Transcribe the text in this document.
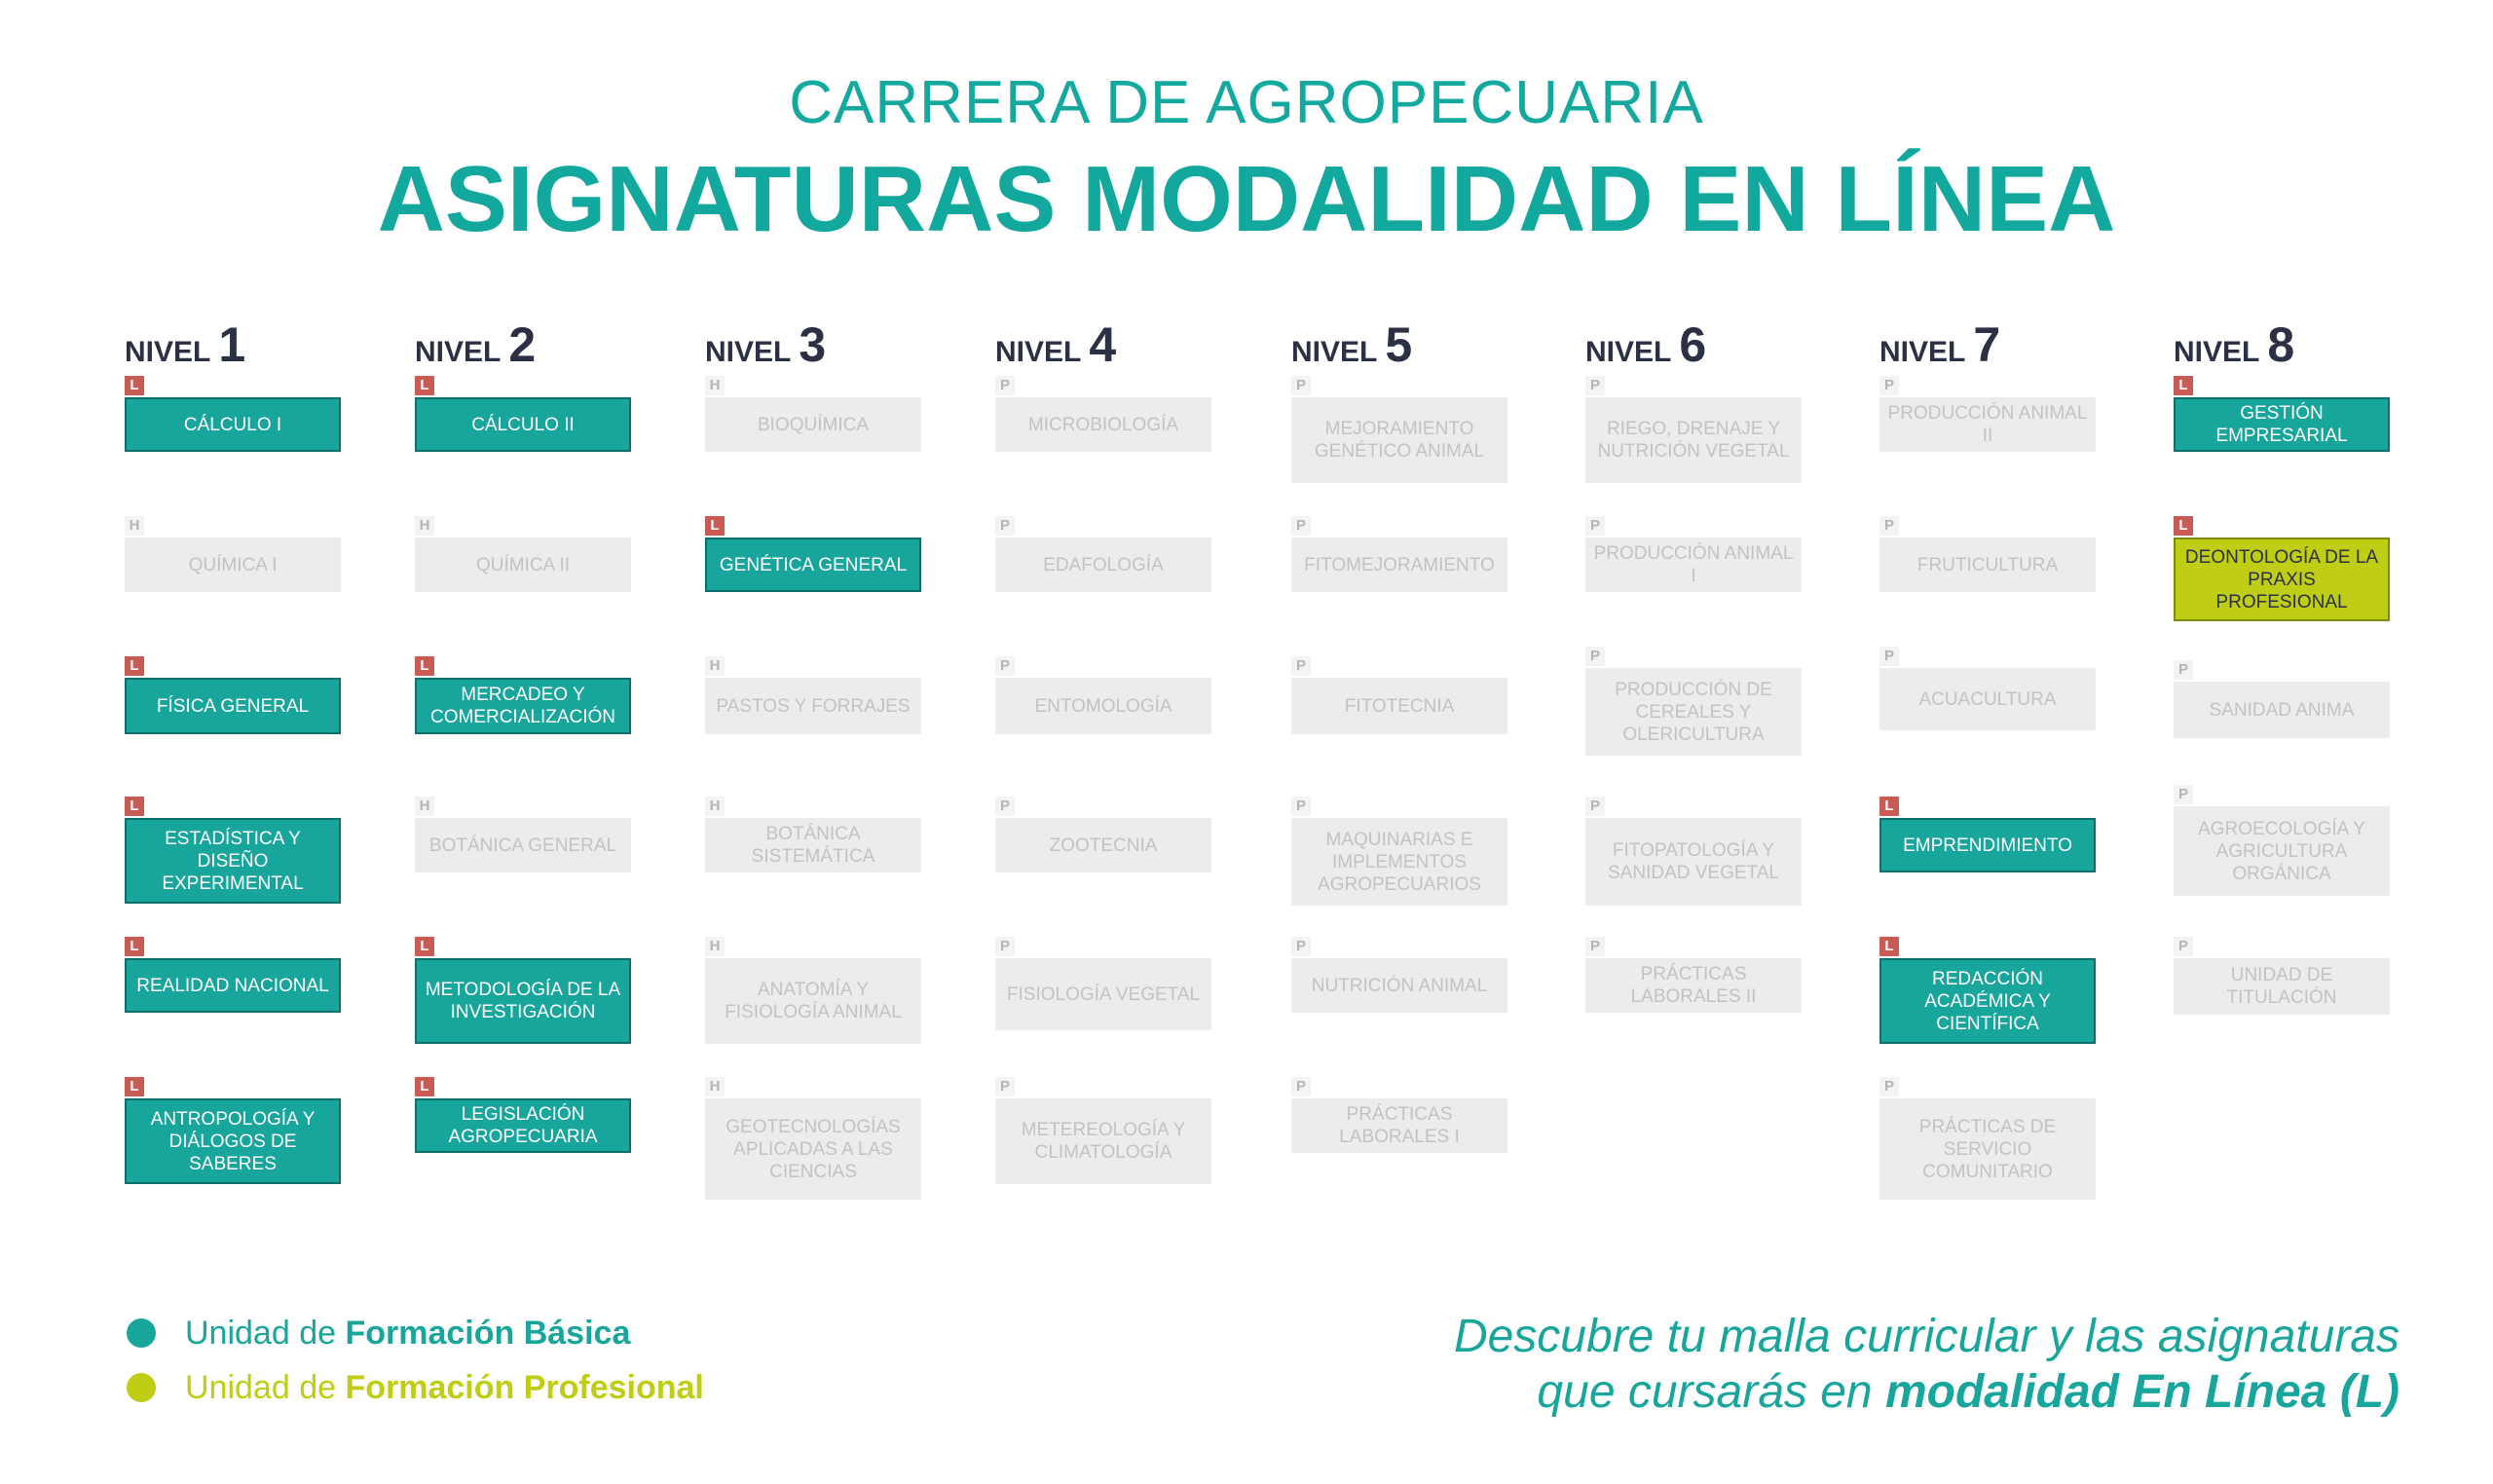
CARRERA DE AGROPECUARIA
ASIGNATURAS MODALIDAD EN LÍNEA
NIVEL 1
L
CÁLCULO I
H
QUÍMICA I
L
FÍSICA GENERAL
L
ESTADÍSTICA Y DISEÑO EXPERIMENTAL
L
REALIDAD NACIONAL
L
ANTROPOLOGÍA Y DIÁLOGOS DE SABERES
NIVEL 2
L
CÁLCULO II
H
QUÍMICA II
L
MERCADEO Y COMERCIALIZACIÓN
H
BOTÁNICA GENERAL
L
METODOLOGÍA DE LA INVESTIGACIÓN
L
LEGISLACIÓN AGROPECUARIA
NIVEL 3
H
BIOQUÍMICA
L
GENÉTICA GENERAL
H
PASTOS Y FORRAJES
H
BOTÁNICA SISTEMÁTICA
H
ANATOMÍA Y FISIOLOGÍA ANIMAL
H
GEOTECNOLOGÍAS APLICADAS A LAS CIENCIAS
NIVEL 4
P
MICROBIOLOGÍA
P
EDAFOLOGÍA
P
ENTOMOLOGÍA
P
ZOOTECNIA
P
FISIOLOGÍA VEGETAL
P
METEREOLOGÍA Y CLIMATOLOGÍA
NIVEL 5
P
MEJORAMIENTO GENÉTICO ANIMAL
P
FITOMEJORAMIENTO
P
FITOTECNIA
P
MAQUINARIAS E IMPLEMENTOS AGROPECUARIOS
P
NUTRICIÓN ANIMAL
P
PRÁCTICAS LABORALES I
NIVEL 6
P
RIEGO, DRENAJE Y NUTRICIÓN VEGETAL
P
PRODUCCIÓN ANIMAL I
P
PRODUCCIÓN DE CEREALES Y OLERICULTURA
P
FITOPATOLOGÍA Y SANIDAD VEGETAL
P
PRÁCTICAS LABORALES II
NIVEL 7
P
PRODUCCIÓN ANIMAL II
P
FRUTICULTURA
P
ACUACULTURA
L
EMPRENDIMIENTO
L
REDACCIÓN ACADÉMICA Y CIENTÍFICA
P
PRÁCTICAS DE SERVICIO COMUNITARIO
NIVEL 8
L
GESTIÓN EMPRESARIAL
L
DEONTOLOGÍA DE LA PRAXIS PROFESIONAL
P
SANIDAD ANIMA
P
AGROECOLOGÍA Y AGRICULTURA ORGÁNICA
P
UNIDAD DE TITULACIÓN
Unidad de Formación Básica
Unidad de Formación Profesional
Descubre tu malla curricular y las asignaturas
que cursarás en modalidad En Línea (L)
